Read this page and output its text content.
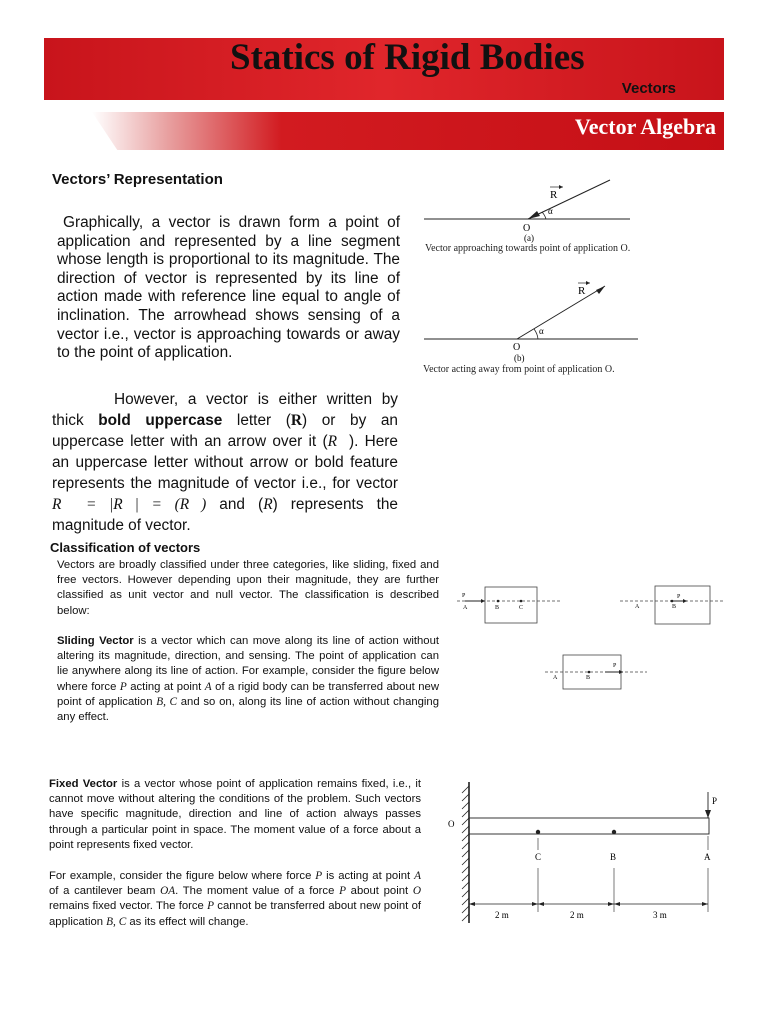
Statics of Rigid Bodies
Vectors
Vector Algebra
Vectors’ Representation
Graphically, a vector is drawn form a point of application and represented by a line segment whose length is proportional to its magnitude. The direction of vector is represented by its line of action made with reference line equal to angle of inclination. The arrowhead shows sensing of a vector i.e., vector is approaching towards or away to the point of application.
However, a vector is either written by thick bold uppercase letter (R) or by an uppercase letter with an arrow over it (R⃗). Here an uppercase letter without arrow or bold feature represents the magnitude of vector i.e., for vector R⃗ = |R⃗| = (R⃗) and (R) represents the magnitude of vector.
R
α
O
(a)
Vector approaching towards point of application O.
R
α
O
(b)
Vector acting away from point of application O.
Classification of vectors
Vectors are broadly classified under three categories, like sliding, fixed and free vectors. However depending upon their magnitude, they are further classified as unit vector and null vector. The classification is described below:
Sliding Vector is a vector which can move along its line of action without altering its magnitude, direction, and sensing. The point of application can lie anywhere along its line of action. For example, consider the figure below where force P acting at point A of a rigid body can be transferred about new point of application B, C and so on, along its line of action without changing any effect.
P
A	B	C	A	B
P
A	B
P
Fixed Vector is a vector whose point of application remains fixed, i.e., it cannot move without altering the conditions of the problem. Such vectors have specific magnitude, direction and line of action always passes through a particular point in space. The moment value of a force about a point represents fixed vector.
For example, consider the figure below where force P is acting at point A of a cantilever beam OA. The moment value of a force P about point O remains fixed vector. The force P cannot be transferred about new point of application B, C as its effect will change.
P
O
C	B	A
2 m	2 m	3 m
